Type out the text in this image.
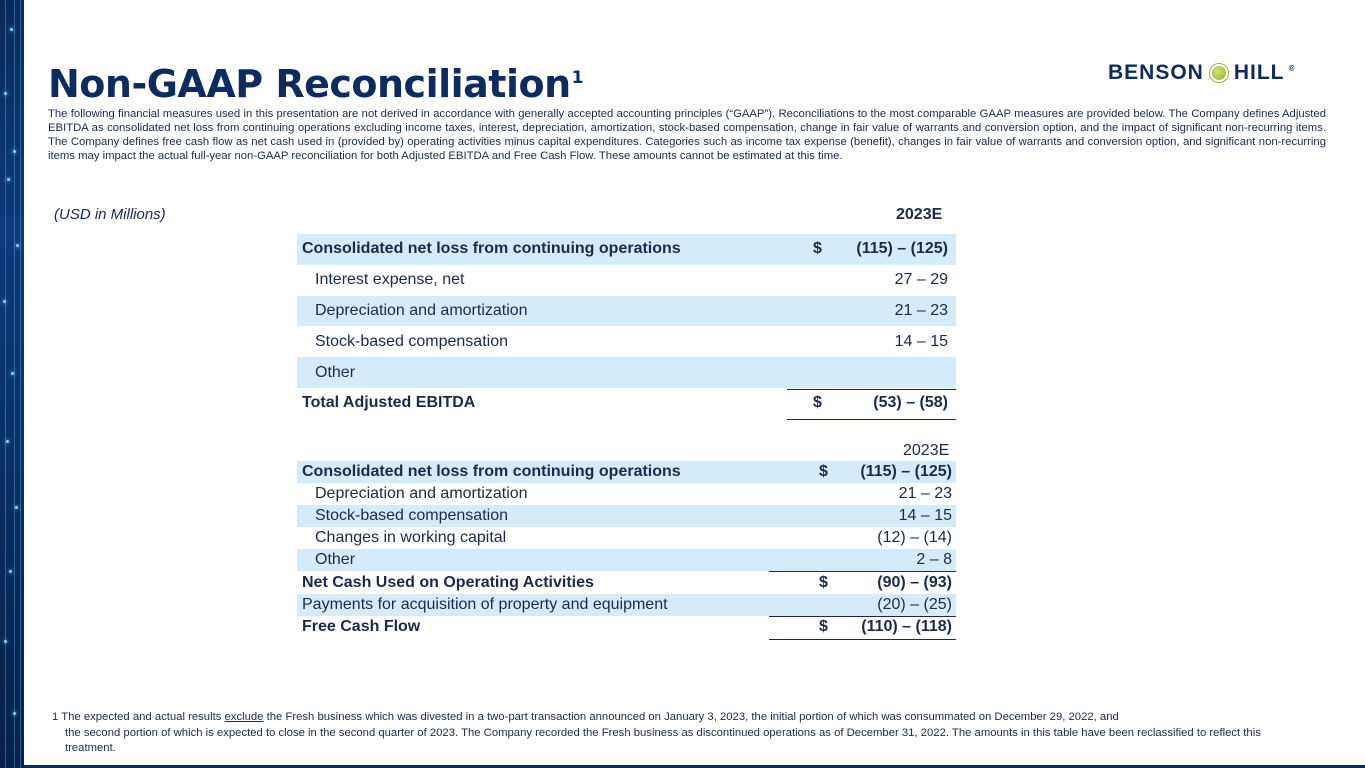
Non-GAAP Reconciliation$^1$	BENSON HILL ®

The following financial measures used in this presentation are not derived in accordance with generally accepted accounting principles (“GAAP”). Reconciliations to the most comparable GAAP measures are provided below. The Company defines Adjusted EBITDA as consolidated net loss from continuing operations excluding income taxes, interest, depreciation, amortization, stock-based compensation, change in fair value of warrants and conversion option, and the impact of significant non-recurring items. The Company defines free cash flow as net cash used in (provided by) operating activities minus capital expenditures. Categories such as income tax expense (benefit), changes in fair value of warrants and conversion option, and significant non-recurring items may impact the actual full-year non-GAAP reconciliation for both Adjusted EBITDA and Free Cash Flow. These amounts cannot be estimated at this time.

(USD in Millions)	2023E
Consolidated net loss from continuing operations	$ (115) – (125)
Interest expense, net	27 – 29
Depreciation and amortization	21 – 23
Stock-based compensation	14 – 15
Other
Total Adjusted EBITDA	$	(53) – (58)
2023E
Consolidated net loss from continuing operations	$ (115) – (125)
Depreciation and amortization	21 – 23
Stock-based compensation	14 – 15
Changes in working capital	(12) – (14)
Other	2 – 8
Net Cash Used on Operating Activities	$	(90) – (93)
Payments for acquisition of property and equipment	(20) – (25)
Free Cash Flow	$ (110) – (118)
1 The expected and actual results exclude the Fresh business which was divested in a two-part transaction announced on January 3, 2023, the initial portion of which was consummated on December 29, 2022, and
the second portion of which is expected to close in the second quarter of 2023. The Company recorded the Fresh business as discontinued operations as of December 31, 2022. The amounts in this table have been reclassified to reflect this treatment.
